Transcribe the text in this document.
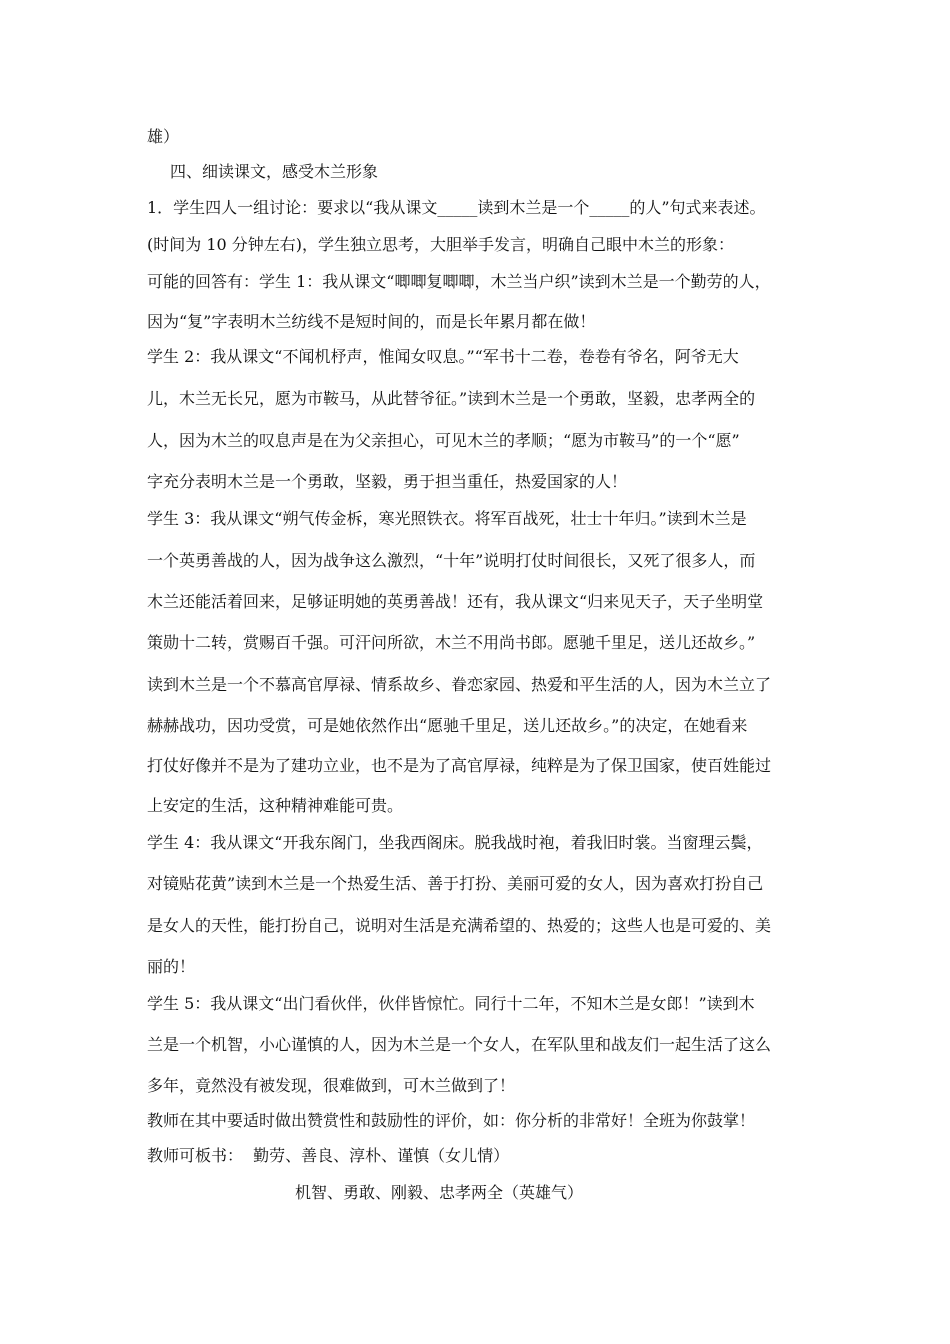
雄）
四、细读课文，感受木兰形象
1．学生四人一组讨论：要求以“我从课文_____读到木兰是一个_____的人”句式来表述。
(时间为 10 分钟左右)，学生独立思考，大胆举手发言，明确自己眼中木兰的形象：
可能的回答有：学生 1：我从课文“唧唧复唧唧，木兰当户织”读到木兰是一个勤劳的人，
因为“复”字表明木兰纺线不是短时间的，而是长年累月都在做！
学生 2：我从课文“不闻机杼声，惟闻女叹息。”“军书十二卷，卷卷有爷名，阿爷无大
儿，木兰无长兄，愿为市鞍马，从此替爷征。”读到木兰是一个勇敢，坚毅，忠孝两全的
人，因为木兰的叹息声是在为父亲担心，可见木兰的孝顺；“愿为市鞍马”的一个“愿”
字充分表明木兰是一个勇敢，坚毅，勇于担当重任，热爱国家的人！
学生 3：我从课文“朔气传金柝，寒光照铁衣。将军百战死，壮士十年归。”读到木兰是
一个英勇善战的人，因为战争这么激烈，“十年”说明打仗时间很长，又死了很多人，而
木兰还能活着回来，足够证明她的英勇善战！还有，我从课文“归来见天子，天子坐明堂
策勋十二转，赏赐百千强。可汗问所欲，木兰不用尚书郎。愿驰千里足，送儿还故乡。”
读到木兰是一个不慕高官厚禄、情系故乡、眷恋家园、热爱和平生活的人，因为木兰立了
赫赫战功，因功受赏，可是她依然作出“愿驰千里足，送儿还故乡。”的决定，在她看来
打仗好像并不是为了建功立业，也不是为了高官厚禄，纯粹是为了保卫国家，使百姓能过
上安定的生活，这种精神难能可贵。
学生 4：我从课文“开我东阁门，坐我西阁床。脱我战时袍，着我旧时裳。当窗理云鬓，
对镜贴花黄”读到木兰是一个热爱生活、善于打扮、美丽可爱的女人，因为喜欢打扮自己
是女人的天性，能打扮自己，说明对生活是充满希望的、热爱的；这些人也是可爱的、美
丽的！
学生 5：我从课文“出门看伙伴，伙伴皆惊忙。同行十二年，不知木兰是女郎！”读到木
兰是一个机智，小心谨慎的人，因为木兰是一个女人，在军队里和战友们一起生活了这么
多年，竟然没有被发现，很难做到，可木兰做到了！
教师在其中要适时做出赞赏性和鼓励性的评价，如：你分析的非常好！全班为你鼓掌！
教师可板书：  勤劳、善良、淳朴、谨慎（女儿情）
机智、勇敢、刚毅、忠孝两全（英雄气）
